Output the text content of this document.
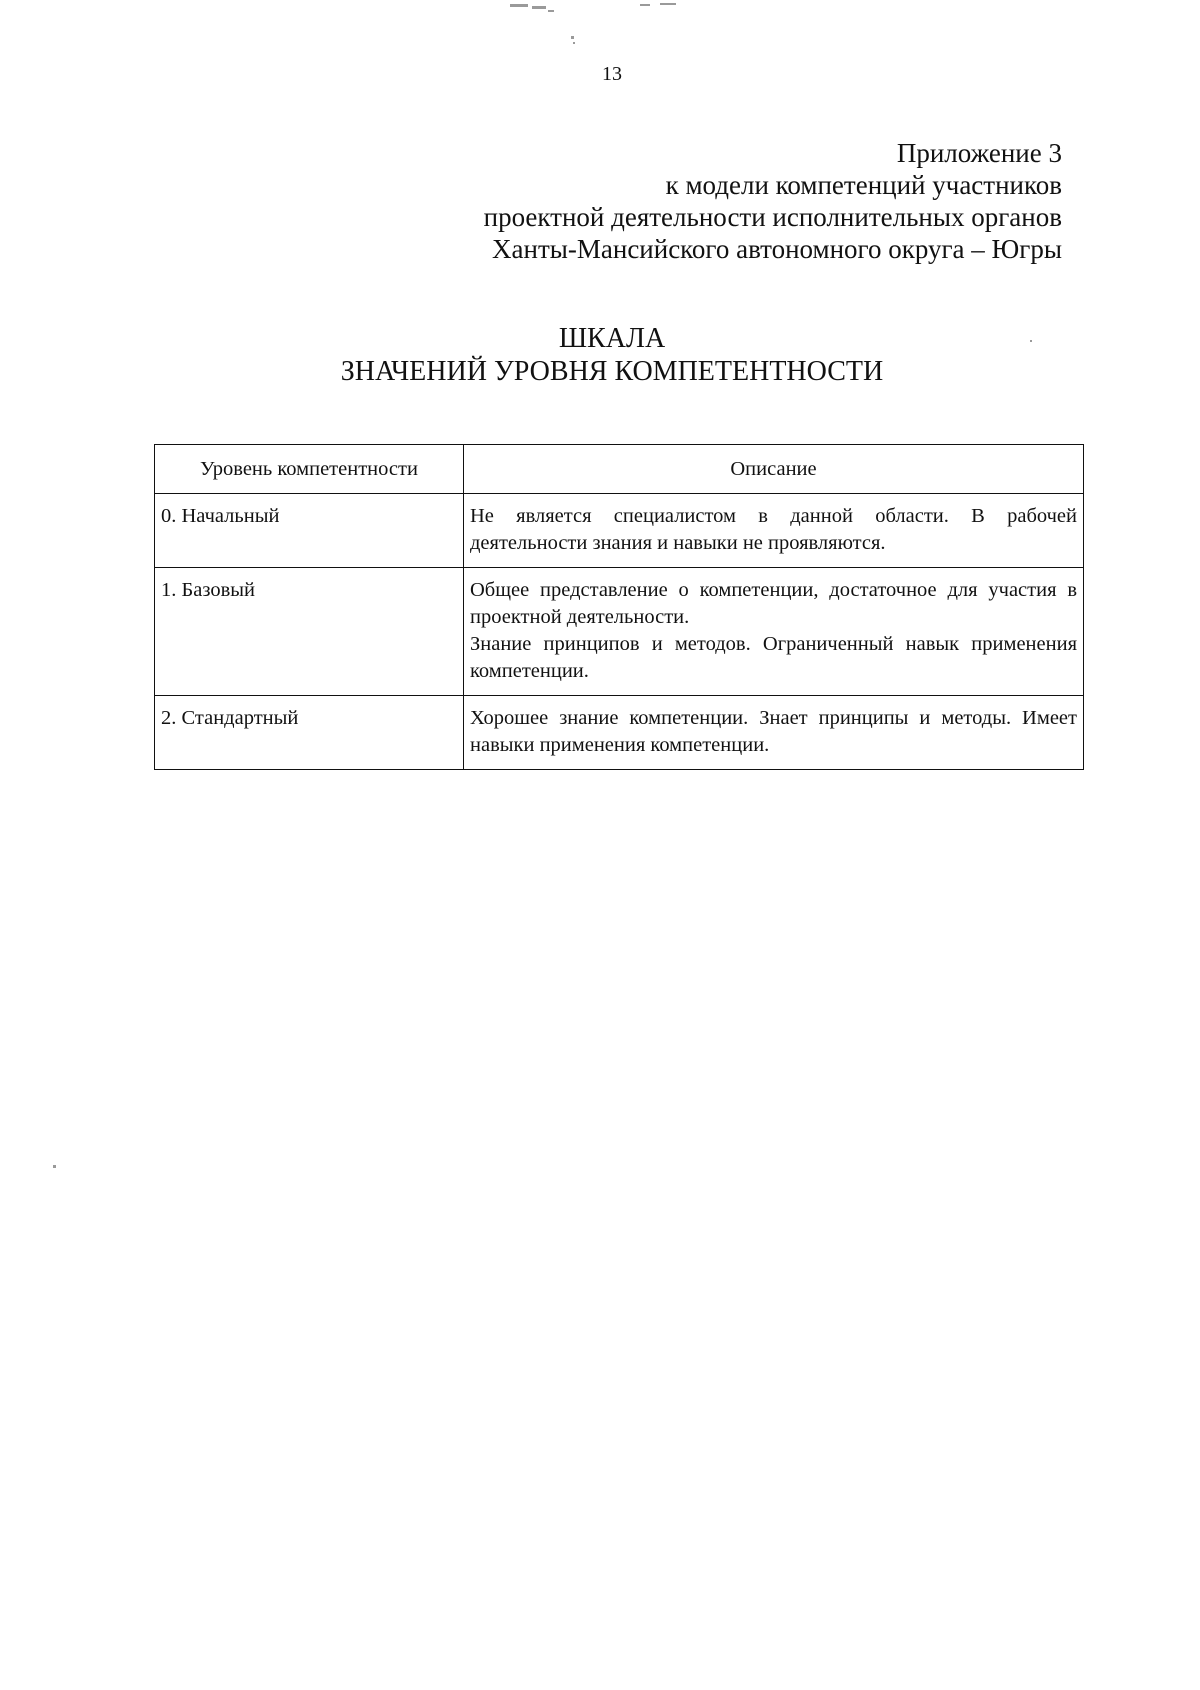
13
Приложение 3
к модели компетенций участников
проектной деятельности исполнительных органов
Ханты-Мансийского автономного округа – Югры
ШКАЛА
ЗНАЧЕНИЙ УРОВНЯ КОМПЕТЕНТНОСТИ
Уровень компетентности	Описание
0. Начальный	Не является специалистом в данной области. В рабочей деятельности знания и навыки не проявляются.

1. Базовый	Общее представление о компетенции, достаточное для участия в проектной деятельности.

Знание принципов и методов. Ограниченный навык применения компетенции.

2. Стандартный	Хорошее знание компетенции. Знает принципы и методы. Имеет навыки применения компетенции.
